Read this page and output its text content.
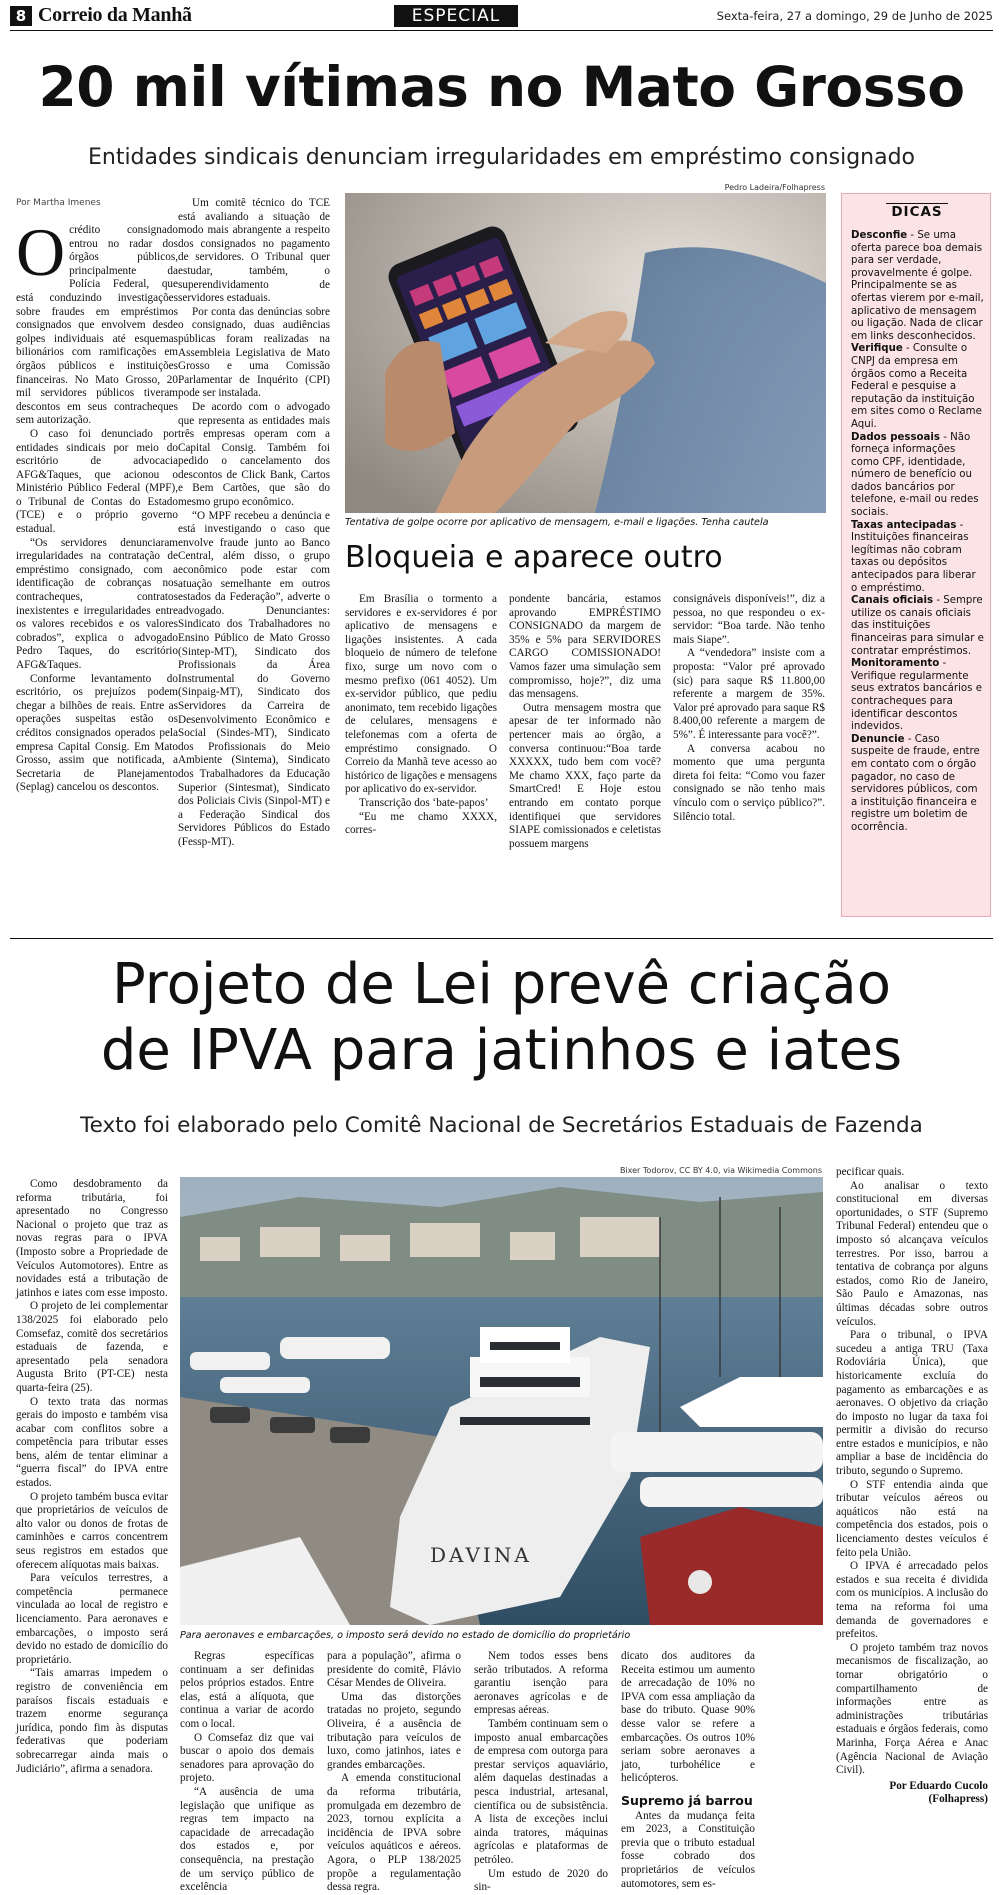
8 Correio da Manhã	ESPECIAL	Sexta-feira, 27 a domingo, 29 de Junho de 2025
20 mil vítimas no Mato Grosso
Entidades sindicais denunciam irregularidades em empréstimo consignado
Por Martha Imenes

Ocrédito consignado entrou no radar dos órgãos públicos, principalmente da Polícia Federal, que está conduzindo investigações sobre fraudes em empréstimos consignados que envolvem desde golpes individuais até esquemas bilionários com ramificações em órgãos públicos e instituições financeiras. No Mato Grosso, 20 mil servidores públicos tiveram descontos em seus contracheques sem autorização.

O caso foi denunciado por entidades sindicais por meio do escritório de advocacia AFG&Taques, que acionou o Ministério Público Federal (MPF), o Tribunal de Contas do Estado (TCE) e o próprio governo estadual.

“Os servidores denunciaram irregularidades na contratação de empréstimo consignado, com a identificação de cobranças nos contracheques, contratos inexistentes e irregularidades entre os valores recebidos e os valores cobrados”, explica o advogado Pedro Taques, do escritório AFG&Taques.

Conforme levantamento do escritório, os prejuízos podem chegar a bilhões de reais. Entre as operações suspeitas estão os créditos consignados operados pela empresa Capital Consig. Em Mato Grosso, assim que notificada, a Secretaria de Planejamento (Seplag) cancelou os descontos.

Um comitê técnico do TCE está avaliando a situação de modo mais abrangente a respeito dos consignados no pagamento de servidores. O Tribunal quer estudar, também, o superendividamento de servidores estaduais.

Por conta das denúncias sobre o consignado, duas audiências públicas foram realizadas na Assembleia Legislativa de Mato Grosso e uma Comissão Parlamentar de Inquérito (CPI) pode ser instalada.

De acordo com o advogado que representa as entidades mais três empresas operam com a Capital Consig. Também foi pedido o cancelamento dos descontos de Click Bank, Cartos e Bem Cartões, que são do mesmo grupo econômico.

“O MPF recebeu a denúncia e está investigando o caso que envolve fraude junto ao Banco Central, além disso, o grupo econômico pode estar com atuação semelhante em outros estados da Federação”, adverte o advogado. Denunciantes: Sindicato dos Trabalhadores no Ensino Público de Mato Grosso (Sintep-MT), Sindicato dos Profissionais da Área Instrumental do Governo (Sinpaig-MT), Sindicato dos Servidores da Carreira de Desenvolvimento Econômico e Social (Sindes-MT), Sindicato dos Profissionais do Meio Ambiente (Sintema), Sindicato dos Trabalhadores da Educação Superior (Sintesmat), Sindicato dos Policiais Civis (Sinpol-MT) e a Federação Sindical dos Servidores Públicos do Estado (Fessp-MT).

Pedro Ladeira/Folhapress
Tentativa de golpe ocorre por aplicativo de mensagem, e-mail e ligações. Tenha cautela
Bloqueia e aparece outro

Em Brasília o tormento a servidores e ex-servidores é por aplicativo de mensagens e ligações insistentes. A cada bloqueio de número de telefone fixo, surge um novo com o mesmo prefixo (061 4052). Um ex-servidor público, que pediu anonimato, tem recebido ligações de celulares, mensagens e telefonemas com a oferta de empréstimo consignado. O Correio da Manhã teve acesso ao histórico de ligações e mensagens por aplicativo do ex-servidor.

Transcrição dos ‘bate-papos’

“Eu me chamo XXXX, corres-

pondente bancária, estamos aprovando EMPRÉSTIMO CONSIGNADO da margem de 35% e 5% para SERVIDORES CARGO COMISSIONADO! Vamos fazer uma simulação sem compromisso, hoje?”, diz uma das mensagens.

Outra mensagem mostra que apesar de ter informado não pertencer mais ao órgão, a conversa continuou:“Boa tarde XXXXX, tudo bem com você? Me chamo XXX, faço parte da SmartCred! E Hoje estou entrando em contato porque identifiquei que servidores SIAPE comissionados e celetistas possuem margens

consignáveis disponíveis!”, diz a pessoa, no que respondeu o ex-servidor: “Boa tarde. Não tenho mais Siape”.

A “vendedora” insiste com a proposta: “Valor pré aprovado (sic) para saque R$ 11.800,00 referente a margem de 35%. Valor pré aprovado para saque R$ 8.400,00 referente a margem de 5%”. É interessante para você?”.

A conversa acabou no momento que uma pergunta direta foi feita: “Como vou fazer consignado se não tenho mais vínculo com o serviço público?”. Silêncio total.

DICAS
Desconfie - Se uma oferta parece boa demais para ser verdade, provavelmente é golpe. Principalmente se as ofertas vierem por e-mail, aplicativo de mensagem ou ligação. Nada de clicar em links desconhecidos.
Verifique - Consulte o CNPJ da empresa em órgãos como a Receita Federal e pesquise a reputação da instituição em sites como o Reclame Aqui.
Dados pessoais - Não forneça informações como CPF, identidade, número de benefício ou dados bancários por telefone, e-mail ou redes sociais.
Taxas antecipadas - Instituições financeiras legítimas não cobram taxas ou depósitos antecipados para liberar o empréstimo.
Canais oficiais - Sempre utilize os canais oficiais das instituições financeiras para simular e contratar empréstimos.
Monitoramento - Verifique regularmente seus extratos bancários e contracheques para identificar descontos indevidos.
Denuncie - Caso suspeite de fraude, entre em contato com o órgão pagador, no caso de servidores públicos, com a instituição financeira e registre um boletim de ocorrência.
Projeto de Lei prevê criação
de IPVA para jatinhos e iates
Texto foi elaborado pelo Comitê Nacional de Secretários Estaduais de Fazenda

Como desdobramento da reforma tributária, foi apresentado no Congresso Nacional o projeto que traz as novas regras para o IPVA (Imposto sobre a Propriedade de Veículos Automotores). Entre as novidades está a tributação de jatinhos e iates com esse imposto.

O projeto de lei complementar 138/2025 foi elaborado pelo Comsefaz, comitê dos secretários estaduais de fazenda, e apresentado pela senadora Augusta Brito (PT-CE) nesta quarta-feira (25).

O texto trata das normas gerais do imposto e também visa acabar com conflitos sobre a competência para tributar esses bens, além de tentar eliminar a “guerra fiscal” do IPVA entre estados.

O projeto também busca evitar que proprietários de veículos de alto valor ou donos de frotas de caminhões e carros concentrem seus registros em estados que oferecem alíquotas mais baixas.

Para veículos terrestres, a competência permanece vinculada ao local de registro e licenciamento. Para aeronaves e embarcações, o imposto será devido no estado de domicílio do proprietário.

“Tais amarras impedem o registro de conveniência em paraísos fiscais estaduais e trazem enorme segurança jurídica, pondo fim às disputas federativas que poderiam sobrecarregar ainda mais o Judiciário”, afirma a senadora.

Bixer Todorov, CC BY 4.0, via Wikimedia Commons
DAVINA
Para aeronaves e embarcações, o imposto será devido no estado de domicílio do proprietário

Regras específicas continuam a ser definidas pelos próprios estados. Entre elas, está a alíquota, que continua a variar de acordo com o local.

O Comsefaz diz que vai buscar o apoio dos demais senadores para aprovação do projeto.

“A ausência de uma legislação que unifique as regras tem impacto na capacidade de arrecadação dos estados e, por consequência, na prestação de um serviço público de excelência

para a população”, afirma o presidente do comitê, Flávio César Mendes de Oliveira.

Uma das distorções tratadas no projeto, segundo Oliveira, é a ausência de tributação para veículos de luxo, como jatinhos, iates e grandes embarcações.

A emenda constitucional da reforma tributária, promulgada em dezembro de 2023, tornou explícita a incidência de IPVA sobre veículos aquáticos e aéreos. Agora, o PLP 138/2025 propõe a regulamentação dessa regra.

Nem todos esses bens serão tributados. A reforma garantiu isenção para aeronaves agrícolas e de empresas aéreas.

Também continuam sem o imposto anual embarcações de empresa com outorga para prestar serviços aquaviário, além daquelas destinadas a pesca industrial, artesanal, científica ou de subsistência. A lista de exceções inclui ainda tratores, máquinas agrícolas e plataformas de petróleo.

Um estudo de 2020 do sin-

dicato dos auditores da Receita estimou um aumento de arrecadação de 10% no IPVA com essa ampliação da base do tributo. Quase 90% desse valor se refere a embarcações. Os outros 10% seriam sobre aeronaves a jato, turbohélice e helicópteros.

Supremo já barrou

Antes da mudança feita em 2023, a Constituição previa que o tributo estadual fosse cobrado dos proprietários de veículos automotores, sem es-

pecificar quais.

Ao analisar o texto constitucional em diversas oportunidades, o STF (Supremo Tribunal Federal) entendeu que o imposto só alcançava veículos terrestres. Por isso, barrou a tentativa de cobrança por alguns estados, como Rio de Janeiro, São Paulo e Amazonas, nas últimas décadas sobre outros veículos.

Para o tribunal, o IPVA sucedeu a antiga TRU (Taxa Rodoviária Única), que historicamente excluía do pagamento as embarcações e as aeronaves. O objetivo da criação do imposto no lugar da taxa foi permitir a divisão do recurso entre estados e municípios, e não ampliar a base de incidência do tributo, segundo o Supremo.

O STF entendia ainda que tributar veículos aéreos ou aquáticos não está na competência dos estados, pois o licenciamento destes veículos é feito pela União.

O IPVA é arrecadado pelos estados e sua receita é dividida com os municípios. A inclusão do tema na reforma foi uma demanda de governadores e prefeitos.

O projeto também traz novos mecanismos de fiscalização, ao tornar obrigatório o compartilhamento de informações entre as administrações tributárias estaduais e órgãos federais, como Marinha, Força Aérea e Anac (Agência Nacional de Aviação Civil).

Por Eduardo Cucolo
(Folhapress)
